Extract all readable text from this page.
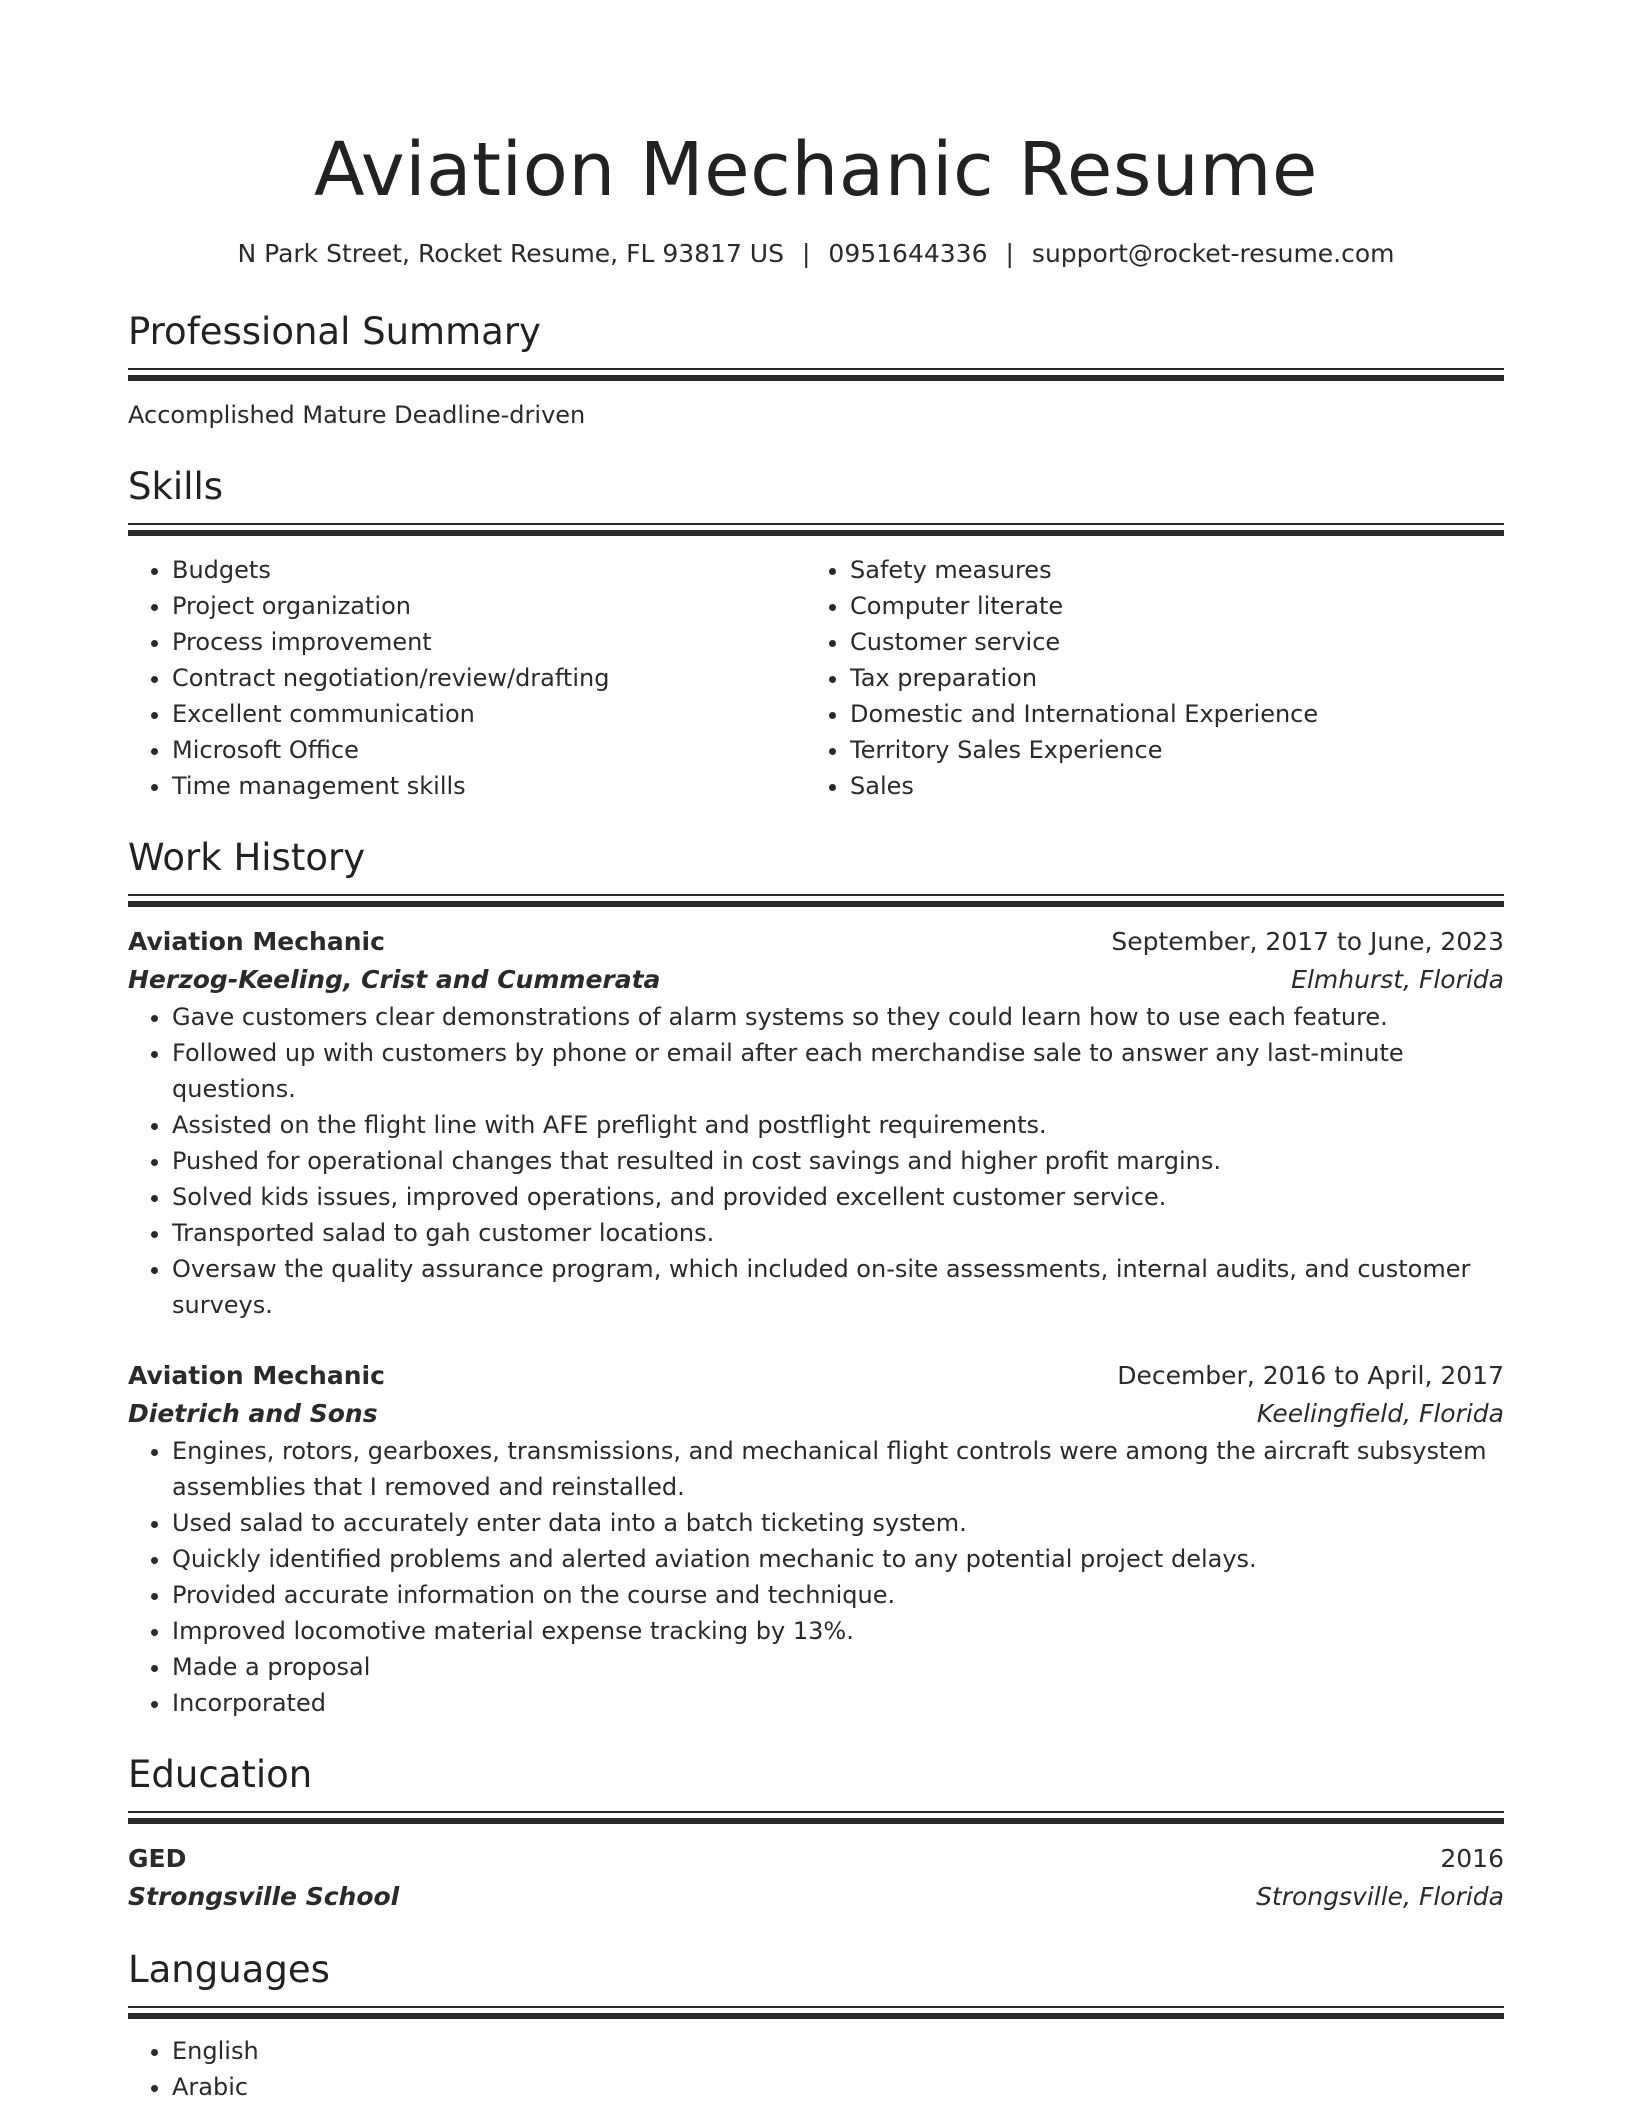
Aviation Mechanic Resume
N Park Street, Rocket Resume, FL 93817 US | 0951644336 | support@rocket-resume.com
Professional Summary
Accomplished Mature Deadline-driven
Skills
• Budgets
• Project organization
• Process improvement
• Contract negotiation/review/drafting
• Excellent communication
• Microsoft Office
• Time management skills
• Safety measures
• Computer literate
• Customer service
• Tax preparation
• Domestic and International Experience
• Territory Sales Experience
• Sales
Work History
Aviation Mechanic	September, 2017 to June, 2023
Herzog-Keeling, Crist and Cummerata	Elmhurst, Florida
• Gave customers clear demonstrations of alarm systems so they could learn how to use each feature.
• Followed up with customers by phone or email after each merchandise sale to answer any last-minute questions.
• Assisted on the flight line with AFE preflight and postflight requirements.
• Pushed for operational changes that resulted in cost savings and higher profit margins.
• Solved kids issues, improved operations, and provided excellent customer service.
• Transported salad to gah customer locations.
• Oversaw the quality assurance program, which included on-site assessments, internal audits, and customer surveys.
Aviation Mechanic	December, 2016 to April, 2017
Dietrich and Sons	Keelingfield, Florida
• Engines, rotors, gearboxes, transmissions, and mechanical flight controls were among the aircraft subsystem assemblies that I removed and reinstalled.
• Used salad to accurately enter data into a batch ticketing system.
• Quickly identified problems and alerted aviation mechanic to any potential project delays.
• Provided accurate information on the course and technique.
• Improved locomotive material expense tracking by 13%.
• Made a proposal
• Incorporated
Education
GED	2016
Strongsville School	Strongsville, Florida
Languages
• English
• Arabic
